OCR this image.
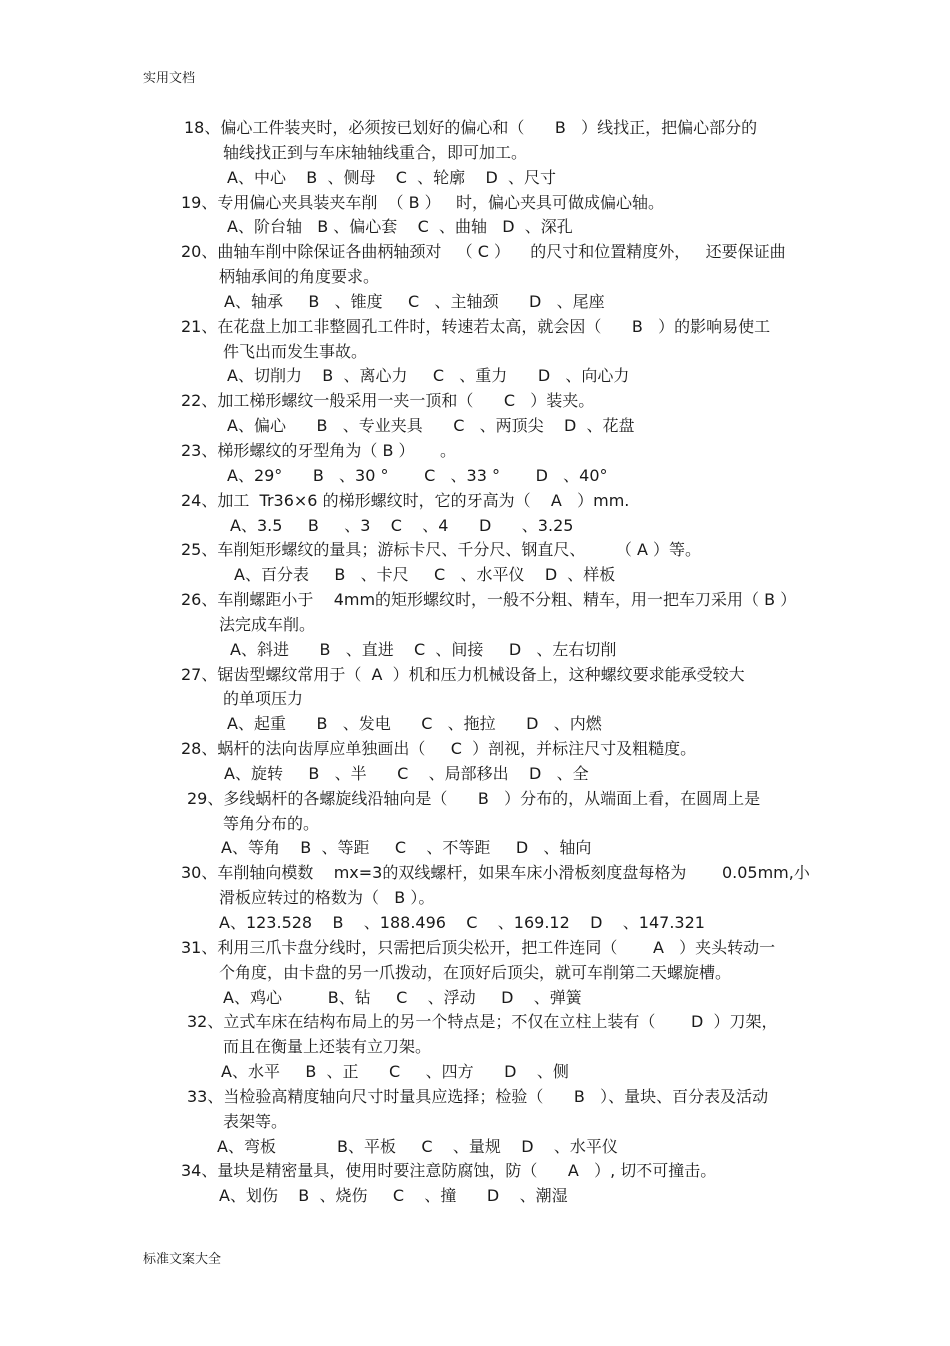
实用文档
18、偏心工件装夹时，必须按已划好的偏心和（      B   ）线找正，把偏心部分的
轴线找正到与车床轴轴线重合，即可加工。
A、中心    B  、侧母    C  、轮廓    D  、尺寸
19、专用偏心夹具装夹车削  （ B ）   时，偏心夹具可做成偏心轴。
A、阶台轴   B 、偏心套    C  、曲轴   D  、深孔
20、曲轴车削中除保证各曲柄轴颈对   （ C ）    的尺寸和位置精度外，   还要保证曲
柄轴承间的角度要求。
A、轴承     B   、锥度     C   、主轴颈      D   、尾座
21、在花盘上加工非整圆孔工件时，转速若太高，就会因（      B   ）的影响易使工
件飞出而发生事故。
A、切削力    B  、离心力     C   、重力      D   、向心力
22、加工梯形螺纹一般采用一夹一顶和（      C   ）装夹。
A、偏心      B   、专业夹具      C   、两顶尖    D  、花盘
23、梯形螺纹的牙型角为（ B ）     。
A、29°      B   、30 °       C   、33 °       D   、40°
24、加工  Tr36×6 的梯形螺纹时，它的牙高为（    A   ）mm.
A、3.5     B     、3    C    、4      D      、3.25
25、车削矩形螺纹的量具；游标卡尺、千分尺、钢直尺、      （ A ）等。
A、百分表     B   、卡尺     C   、水平仪    D  、样板
26、车削螺距小于    4mm的矩形螺纹时，一般不分粗、精车，用一把车刀采用（ B ）
法完成车削。
A、斜进      B   、直进    C  、间接     D   、左右切削
27、锯齿型螺纹常用于（  A  ）机和压力机械设备上，这种螺纹要求能承受较大
的单项压力
A、起重      B   、发电      C   、拖拉      D   、内燃
28、蜗杆的法向齿厚应单独画出（     C  ）剖视，并标注尺寸及粗糙度。
A、旋转     B   、半      C    、局部移出    D   、全
29、多线蜗杆的各螺旋线沿轴向是（      B   ）分布的，从端面上看，在圆周上是
等角分布的。
A、等角    B  、等距     C    、不等距     D   、轴向
30、车削轴向模数    mx=3的双线螺杆，如果车床小滑板刻度盘每格为       0.05mm,小
滑板应转过的格数为（   B ）。
A、123.528    B    、188.496    C    、169.12    D    、147.321
31、利用三爪卡盘分线时，只需把后顶尖松开，把工件连同（       A   ）夹头转动一
个角度，由卡盘的另一爪拨动，在顶好后顶尖，就可车削第二天螺旋槽。
A、鸡心         B、钻     C    、浮动     D    、弹簧
32、立式车床在结构布局上的另一个特点是；不仅在立柱上装有（       D  ）刀架，
而且在衡量上还装有立刀架。
A、水平     B  、正      C     、四方      D    、侧
33、当检验高精度轴向尺寸时量具应选择；检验（      B   ）、量块、百分表及活动
表架等。
A、弯板            B、平板     C    、量规    D    、水平仪
34、量块是精密量具，使用时要注意防腐蚀，防（      A   ）, 切不可撞击。
A、划伤    B  、烧伤     C    、撞      D    、潮湿
标准文案大全
